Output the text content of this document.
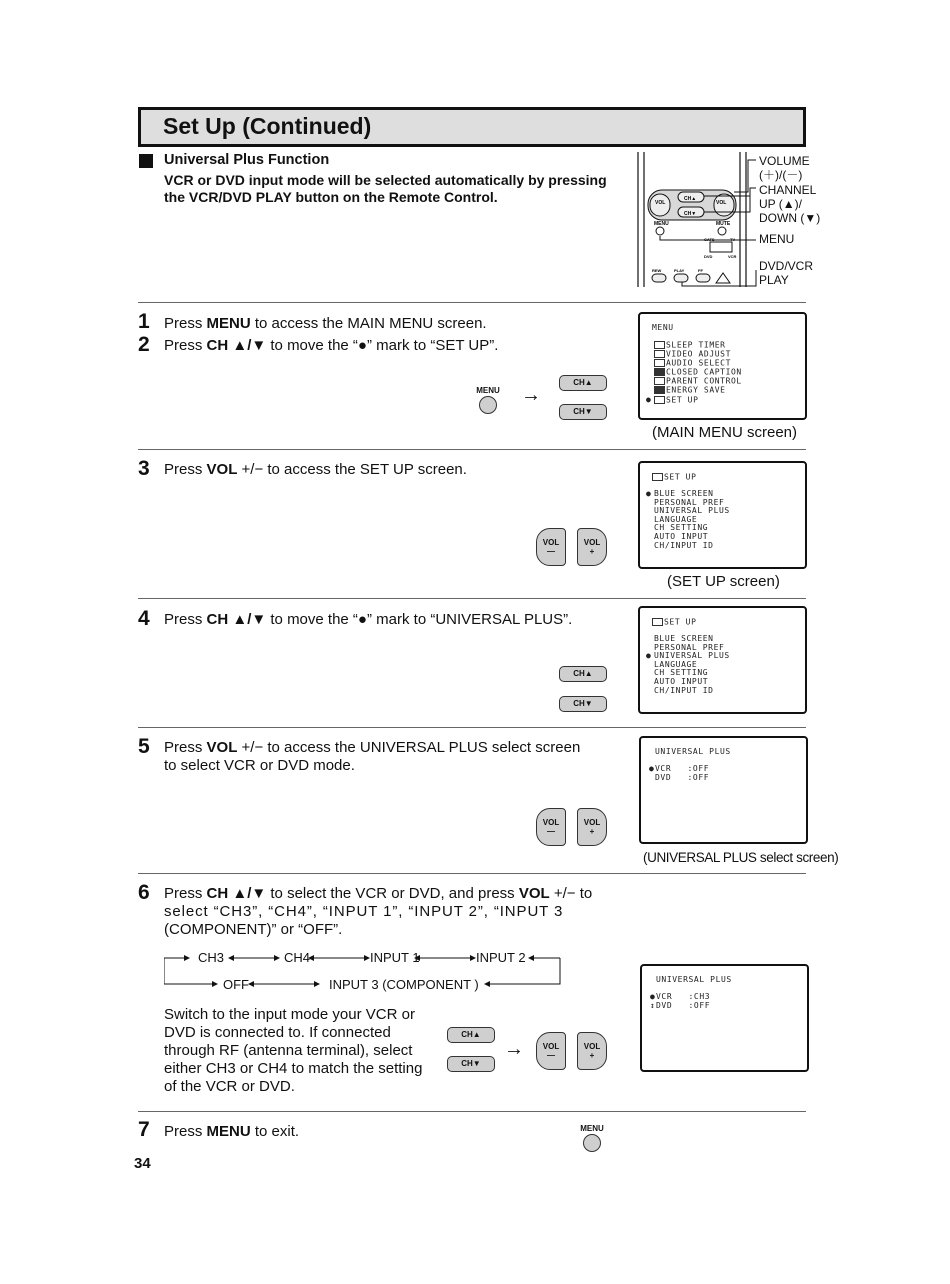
Set Up (Continued)
Universal Plus Function
VCR or DVD input mode will be selected automatically by pressing
the VCR/DVD PLAY button on the Remote Control.	VOL	VOL
CH▲
CH▼
MENU	MUTE
CATS	TV
DVD	VCR
REW	PLAY	FF
VOLUME
(＋)/(－)
CHANNEL
UP (▲)/
DOWN (▼)
MENU
DVD/VCR
PLAY
1 Press MENU to access the MAIN MENU screen.
2 Press CH ▲/▼ to move the “●” mark to “SET UP”.
MENU →
CH▲
CH▼
MENU
SLEEP TIMER
VIDEO ADJUST
AUDIO SELECT
CLOSED CAPTION
PARENT CONTROL
ENERGY SAVE
● SET UP
(MAIN MENU screen)
3 Press VOL +/− to access the SET UP screen.
VOL
—
VOL
+
SET UP
● BLUE SCREEN
PERSONAL PREF
UNIVERSAL PLUS
LANGUAGE
CH SETTING
AUTO INPUT
CH/INPUT ID
(SET UP screen)
4 Press CH ▲/▼ to move the “●” mark to “UNIVERSAL PLUS”.
CH▲
CH▼
SET UP
BLUE SCREEN
PERSONAL PREF
● UNIVERSAL PLUS
LANGUAGE
CH SETTING
AUTO INPUT
CH/INPUT ID
5 Press VOL +/− to access the UNIVERSAL PLUS select screen
to select VCR or DVD mode.
VOL
—
VOL
+
UNIVERSAL PLUS
●VCR   :OFF
DVD   :OFF
(UNIVERSAL PLUS select screen)
6 Press CH ▲/▼ to select the VCR or DVD, and press VOL +/− to
select “CH3”, “CH4”, “INPUT 1”, “INPUT 2”, “INPUT 3
(COMPONENT)” or “OFF”.
CH3	CH4	INPUT 1	INPUT 2
OFF	INPUT 3 (COMPONENT )
Switch to the input mode your VCR or
DVD is connected to. If connected
through RF (antenna terminal), select
either CH3 or CH4 to match the setting
of the VCR or DVD.
CH▲
CH▼
→	VOL
—
VOL
+
UNIVERSAL PLUS
●VCR   :CH3
↕DVD   :OFF
7 Press MENU to exit.	MENU
34
